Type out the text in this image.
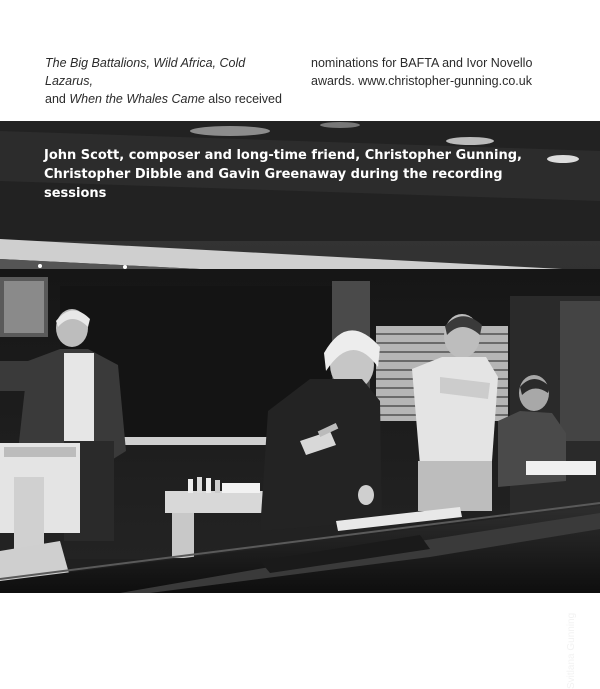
The Big Battalions, Wild Africa, Cold Lazarus,
and When the Whales Came also received
nominations for BAFTA and Ivor Novello
awards. www.christopher-gunning.co.uk
Svitlana Gunning
John Scott, composer and long-time friend, Christopher Gunning,
Christopher Dibble and Gavin Greenaway during the recording sessions
